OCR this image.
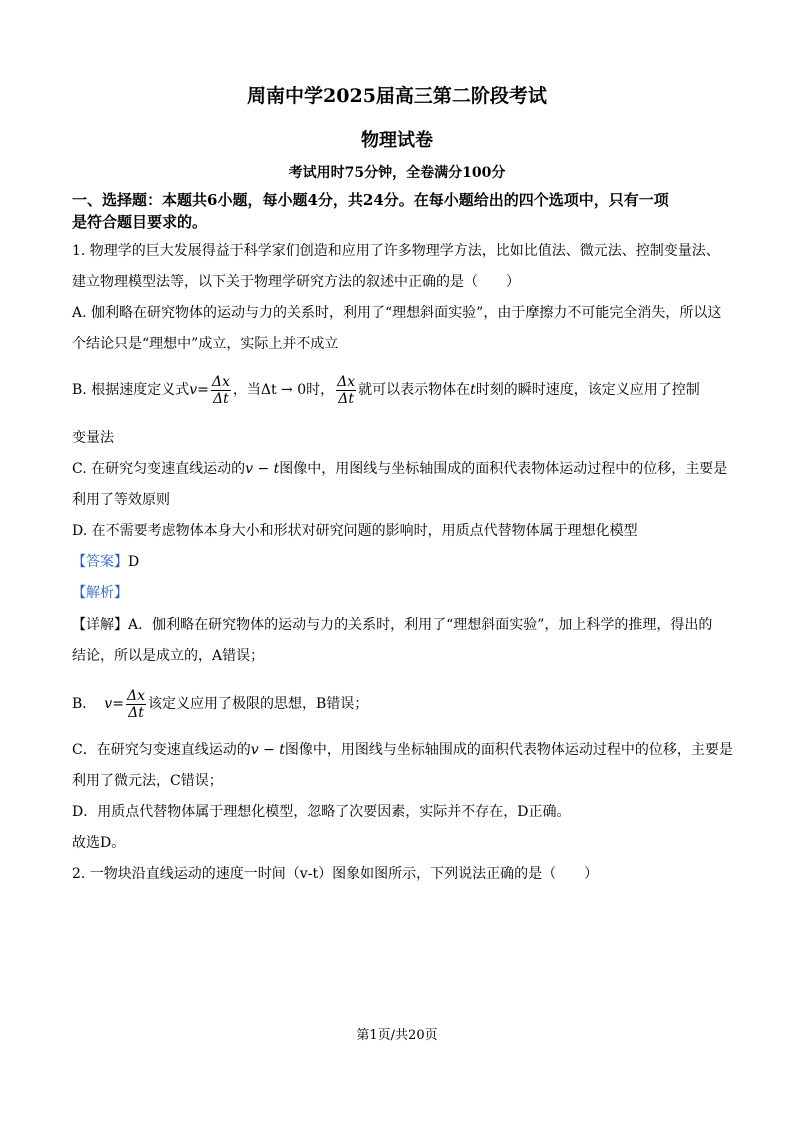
周南中学2025届高三第二阶段考试
物理试卷
考试用时75分钟，全卷满分100分
一、选择题：本题共6小题，每小题4分，共24分。在每小题给出的四个选项中，只有一项
是符合题目要求的。
1. 物理学的巨大发展得益于科学家们创造和应用了许多物理学方法，比如比值法、微元法、控制变量法、
建立物理模型法等，以下关于物理学研究方法的叙述中正确的是（　　）
A. 伽利略在研究物体的运动与力的关系时，利用了“理想斜面实验”，由于摩擦力不可能完全消失，所以这
个结论只是“理想中”成立，实际上并不成立
B. 根据速度定义式$v= \frac{\Delta x}{\Delta t}$ ，当Δt → 0时， $\frac{\Delta x}{\Delta t}$ 就可以表示物体在t时刻的瞬时速度，该定义应用了控制
变量法
C. 在研究匀变速直线运动的v − t图像中，用图线与坐标轴围成的面积代表物体运动过程中的位移，主要是
利用了等效原则
D. 在不需要考虑物体本身大小和形状对研究问题的影响时，用质点代替物体属于理想化模型
【答案】D
【解析】
【详解】A．伽利略在研究物体的运动与力的关系时，利用了“理想斜面实验”，加上科学的推理，得出的
结论，所以是成立的，A错误；
B． $v= \frac{\Delta x}{\Delta t}$ 该定义应用了极限的思想，B错误；
C．在研究匀变速直线运动的v − t图像中，用图线与坐标轴围成的面积代表物体运动过程中的位移，主要是
利用了微元法，C错误；
D．用质点代替物体属于理想化模型，忽略了次要因素，实际并不存在，D正确。
故选D。
2. 一物块沿直线运动的速度一时间（v-t）图象如图所示，下列说法正确的是（　　）
第1页/共20页
